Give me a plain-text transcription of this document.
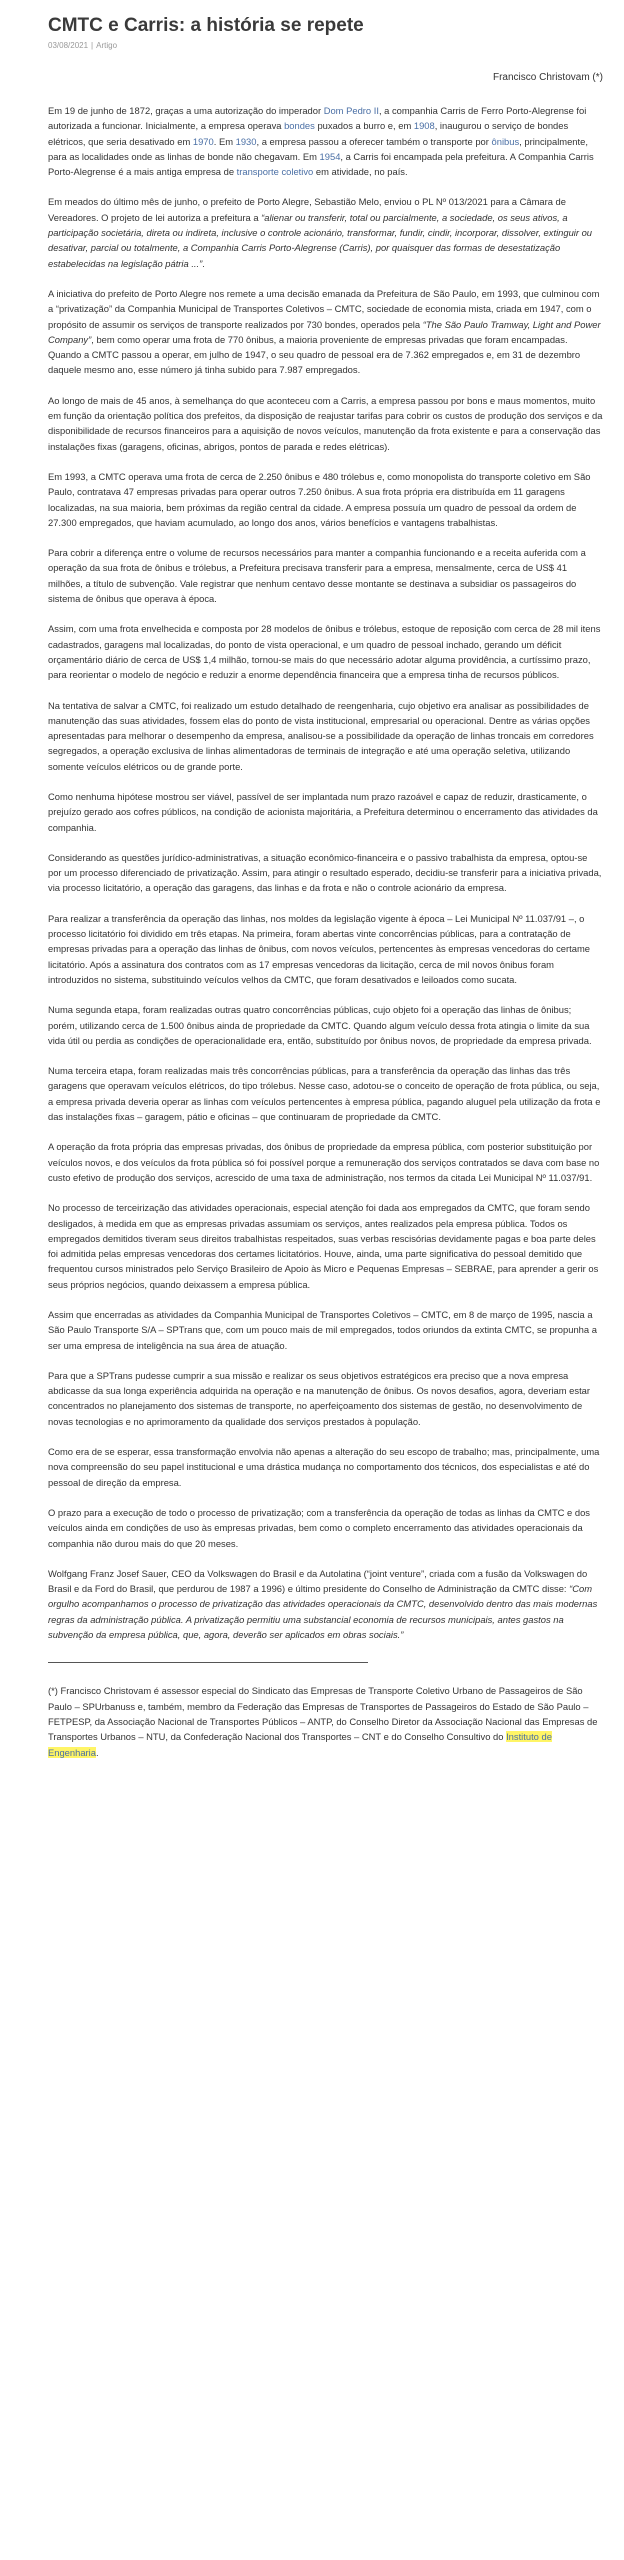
CMTC e Carris: a história se repete
03/08/2021 | Artigo
Francisco Christovam (*)

Em 19 de junho de 1872, graças a uma autorização do imperador Dom Pedro II, a companhia Carris de Ferro Porto-Alegrense foi autorizada a funcionar. Inicialmente, a empresa operava bondes puxados a burro e, em 1908, inaugurou o serviço de bondes elétricos, que seria desativado em 1970. Em 1930, a empresa passou a oferecer também o transporte por ônibus, principalmente, para as localidades onde as linhas de bonde não chegavam. Em 1954, a Carris foi encampada pela prefeitura. A Companhia Carris Porto-Alegrense é a mais antiga empresa de transporte coletivo em atividade, no país.

Em meados do último mês de junho, o prefeito de Porto Alegre, Sebastião Melo, enviou o PL Nº 013/2021 para a Câmara de Vereadores. O projeto de lei autoriza a prefeitura a “alienar ou transferir, total ou parcialmente, a sociedade, os seus ativos, a participação societária, direta ou indireta, inclusive o controle acionário, transformar, fundir, cindir, incorporar, dissolver, extinguir ou desativar, parcial ou totalmente, a Companhia Carris Porto-Alegrense (Carris), por quaisquer das formas de desestatização estabelecidas na legislação pátria ...”.

A iniciativa do prefeito de Porto Alegre nos remete a uma decisão emanada da Prefeitura de São Paulo, em 1993, que culminou com a “privatização” da Companhia Municipal de Transportes Coletivos – CMTC, sociedade de economia mista, criada em 1947, com o propósito de assumir os serviços de transporte realizados por 730 bondes, operados pela “The São Paulo Tramway, Light and Power Company”, bem como operar uma frota de 770 ônibus, a maioria proveniente de empresas privadas que foram encampadas. Quando a CMTC passou a operar, em julho de 1947, o seu quadro de pessoal era de 7.362 empregados e, em 31 de dezembro daquele mesmo ano, esse número já tinha subido para 7.987 empregados.

Ao longo de mais de 45 anos, à semelhança do que aconteceu com a Carris, a empresa passou por bons e maus momentos, muito em função da orientação política dos prefeitos, da disposição de reajustar tarifas para cobrir os custos de produção dos serviços e da disponibilidade de recursos financeiros para a aquisição de novos veículos, manutenção da frota existente e para a conservação das instalações fixas (garagens, oficinas, abrigos, pontos de parada e redes elétricas).

Em 1993, a CMTC operava uma frota de cerca de 2.250 ônibus e 480 trólebus e, como monopolista do transporte coletivo em São Paulo, contratava 47 empresas privadas para operar outros 7.250 ônibus. A sua frota própria era distribuída em 11 garagens localizadas, na sua maioria, bem próximas da região central da cidade. A empresa possuía um quadro de pessoal da ordem de 27.300 empregados, que haviam acumulado, ao longo dos anos, vários benefícios e vantagens trabalhistas.

Para cobrir a diferença entre o volume de recursos necessários para manter a companhia funcionando e a receita auferida com a operação da sua frota de ônibus e trólebus, a Prefeitura precisava transferir para a empresa, mensalmente, cerca de US$ 41 milhões, a título de subvenção. Vale registrar que nenhum centavo desse montante se destinava a subsidiar os passageiros do sistema de ônibus que operava à época.

Assim, com uma frota envelhecida e composta por 28 modelos de ônibus e trólebus, estoque de reposição com cerca de 28 mil itens cadastrados, garagens mal localizadas, do ponto de vista operacional, e um quadro de pessoal inchado, gerando um déficit orçamentário diário de cerca de US$ 1,4 milhão, tornou-se mais do que necessário adotar alguma providência, a curtíssimo prazo, para reorientar o modelo de negócio e reduzir a enorme dependência financeira que a empresa tinha de recursos públicos.

Na tentativa de salvar a CMTC, foi realizado um estudo detalhado de reengenharia, cujo objetivo era analisar as possibilidades de manutenção das suas atividades, fossem elas do ponto de vista institucional, empresarial ou operacional. Dentre as várias opções apresentadas para melhorar o desempenho da empresa, analisou-se a possibilidade da operação de linhas troncais em corredores segregados, a operação exclusiva de linhas alimentadoras de terminais de integração e até uma operação seletiva, utilizando somente veículos elétricos ou de grande porte.

Como nenhuma hipótese mostrou ser viável, passível de ser implantada num prazo razoável e capaz de reduzir, drasticamente, o prejuízo gerado aos cofres públicos, na condição de acionista majoritária, a Prefeitura determinou o encerramento das atividades da companhia.

Considerando as questões jurídico-administrativas, a situação econômico-financeira e o passivo trabalhista da empresa, optou-se por um processo diferenciado de privatização. Assim, para atingir o resultado esperado, decidiu-se transferir para a iniciativa privada, via processo licitatório, a operação das garagens, das linhas e da frota e não o controle acionário da empresa.

Para realizar a transferência da operação das linhas, nos moldes da legislação vigente à época – Lei Municipal Nº 11.037/91 –, o processo licitatório foi dividido em três etapas. Na primeira, foram abertas vinte concorrências públicas, para a contratação de empresas privadas para a operação das linhas de ônibus, com novos veículos, pertencentes às empresas vencedoras do certame licitatório. Após a assinatura dos contratos com as 17 empresas vencedoras da licitação, cerca de mil novos ônibus foram introduzidos no sistema, substituindo veículos velhos da CMTC, que foram desativados e leiloados como sucata.

Numa segunda etapa, foram realizadas outras quatro concorrências públicas, cujo objeto foi a operação das linhas de ônibus; porém, utilizando cerca de 1.500 ônibus ainda de propriedade da CMTC. Quando algum veículo dessa frota atingia o limite da sua vida útil ou perdia as condições de operacionalidade era, então, substituído por ônibus novos, de propriedade da empresa privada.

Numa terceira etapa, foram realizadas mais três concorrências públicas, para a transferência da operação das linhas das três garagens que operavam veículos elétricos, do tipo trólebus. Nesse caso, adotou-se o conceito de operação de frota pública, ou seja, a empresa privada deveria operar as linhas com veículos pertencentes à empresa pública, pagando aluguel pela utilização da frota e das instalações fixas – garagem, pátio e oficinas – que continuaram de propriedade da CMTC.

A operação da frota própria das empresas privadas, dos ônibus de propriedade da empresa pública, com posterior substituição por veículos novos, e dos veículos da frota pública só foi possível porque a remuneração dos serviços contratados se dava com base no custo efetivo de produção dos serviços, acrescido de uma taxa de administração, nos termos da citada Lei Municipal Nº 11.037/91.

No processo de terceirização das atividades operacionais, especial atenção foi dada aos empregados da CMTC, que foram sendo desligados, à medida em que as empresas privadas assumiam os serviços, antes realizados pela empresa pública. Todos os empregados demitidos tiveram seus direitos trabalhistas respeitados, suas verbas rescisórias devidamente pagas e boa parte deles foi admitida pelas empresas vencedoras dos certames licitatórios. Houve, ainda, uma parte significativa do pessoal demitido que frequentou cursos ministrados pelo Serviço Brasileiro de Apoio às Micro e Pequenas Empresas – SEBRAE, para aprender a gerir os seus próprios negócios, quando deixassem a empresa pública.

Assim que encerradas as atividades da Companhia Municipal de Transportes Coletivos – CMTC, em 8 de março de 1995, nascia a São Paulo Transporte S/A – SPTrans que, com um pouco mais de mil empregados, todos oriundos da extinta CMTC, se propunha a ser uma empresa de inteligência na sua área de atuação.

Para que a SPTrans pudesse cumprir a sua missão e realizar os seus objetivos estratégicos era preciso que a nova empresa abdicasse da sua longa experiência adquirida na operação e na manutenção de ônibus. Os novos desafios, agora, deveriam estar concentrados no planejamento dos sistemas de transporte, no aperfeiçoamento dos sistemas de gestão, no desenvolvimento de novas tecnologias e no aprimoramento da qualidade dos serviços prestados à população.

Como era de se esperar, essa transformação envolvia não apenas a alteração do seu escopo de trabalho; mas, principalmente, uma nova compreensão do seu papel institucional e uma drástica mudança no comportamento dos técnicos, dos especialistas e até do pessoal de direção da empresa.

O prazo para a execução de todo o processo de privatização; com a transferência da operação de todas as linhas da CMTC e dos veículos ainda em condições de uso às empresas privadas, bem como o completo encerramento das atividades operacionais da companhia não durou mais do que 20 meses.

Wolfgang Franz Josef Sauer, CEO da Volkswagen do Brasil e da Autolatina (“joint venture”, criada com a fusão da Volkswagen do Brasil e da Ford do Brasil, que perdurou de 1987 a 1996) e último presidente do Conselho de Administração da CMTC disse: “Com orgulho acompanhamos o processo de privatização das atividades operacionais da CMTC, desenvolvido dentro das mais modernas regras da administração pública. A privatização permitiu uma substancial economia de recursos municipais, antes gastos na subvenção da empresa pública, que, agora, deverão ser aplicados em obras sociais.”

(*) Francisco Christovam é assessor especial do Sindicato das Empresas de Transporte Coletivo Urbano de Passageiros de São Paulo – SPUrbanuss e, também, membro da Federação das Empresas de Transportes de Passageiros do Estado de São Paulo – FETPESP, da Associação Nacional de Transportes Públicos – ANTP, do Conselho Diretor da Associação Nacional das Empresas de Transportes Urbanos – NTU, da Confederação Nacional dos Transportes – CNT e do Conselho Consultivo do Instituto de Engenharia.
